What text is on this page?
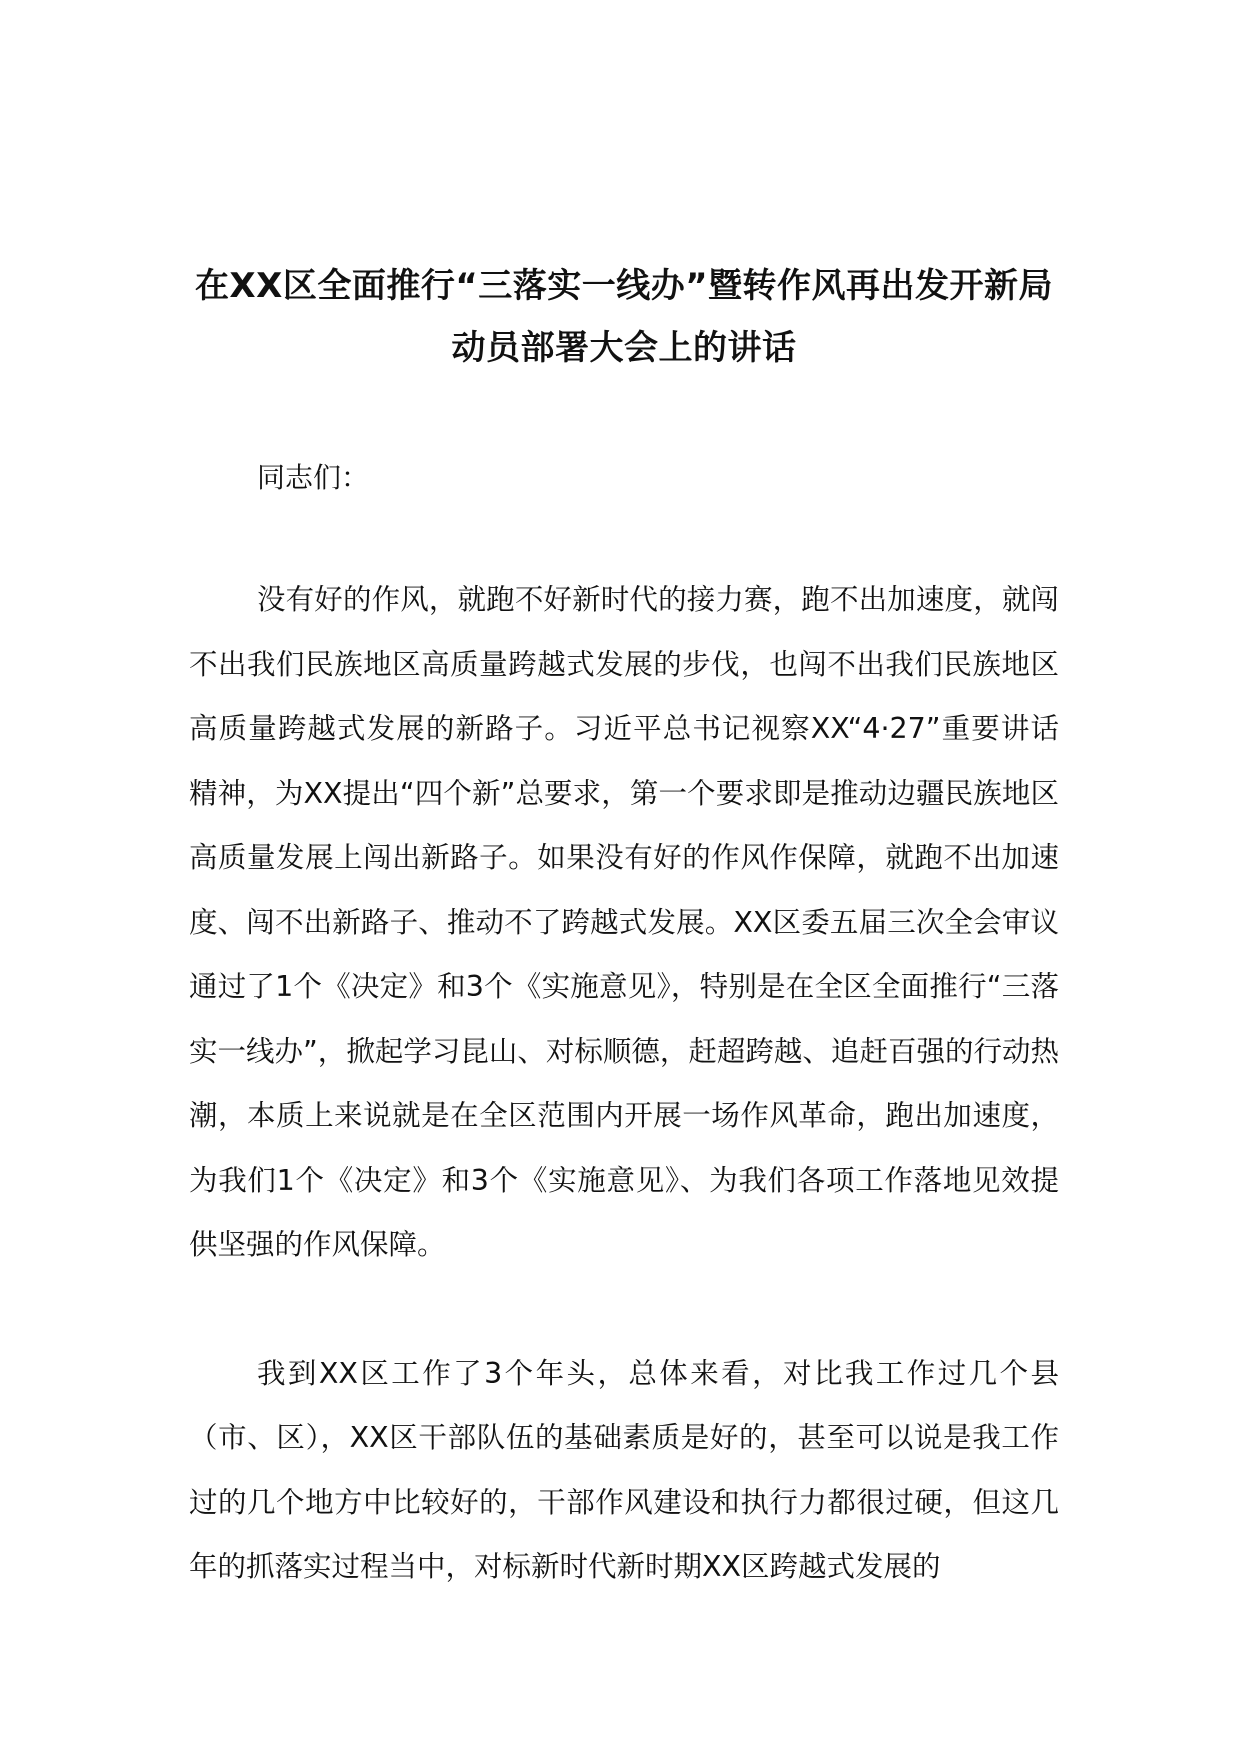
在XX区全面推行“三落实一线办”暨转作风再出发开新局动员部署大会上的讲话

同志们：

没有好的作风，就跑不好新时代的接力赛，跑不出加速度，就闯不出我们民族地区高质量跨越式发展的步伐，也闯不出我们民族地区高质量跨越式发展的新路子。习近平总书记视察XX“4·27”重要讲话精神，为XX提出“四个新”总要求，第一个要求即是推动边疆民族地区高质量发展上闯出新路子。如果没有好的作风作保障，就跑不出加速度、闯不出新路子、推动不了跨越式发展。XX区委五届三次全会审议通过了1个《决定》和3个《实施意见》，特别是在全区全面推行“三落实一线办”，掀起学习昆山、对标顺德，赶超跨越、追赶百强的行动热潮，本质上来说就是在全区范围内开展一场作风革命，跑出加速度，为我们1个《决定》和3个《实施意见》、为我们各项工作落地见效提供坚强的作风保障。

我到XX区工作了3个年头，总体来看，对比我工作过几个县（市、区），XX区干部队伍的基础素质是好的，甚至可以说是我工作过的几个地方中比较好的，干部作风建设和执行力都很过硬，但这几年的抓落实过程当中，对标新时代新时期XX区跨越式发展的
